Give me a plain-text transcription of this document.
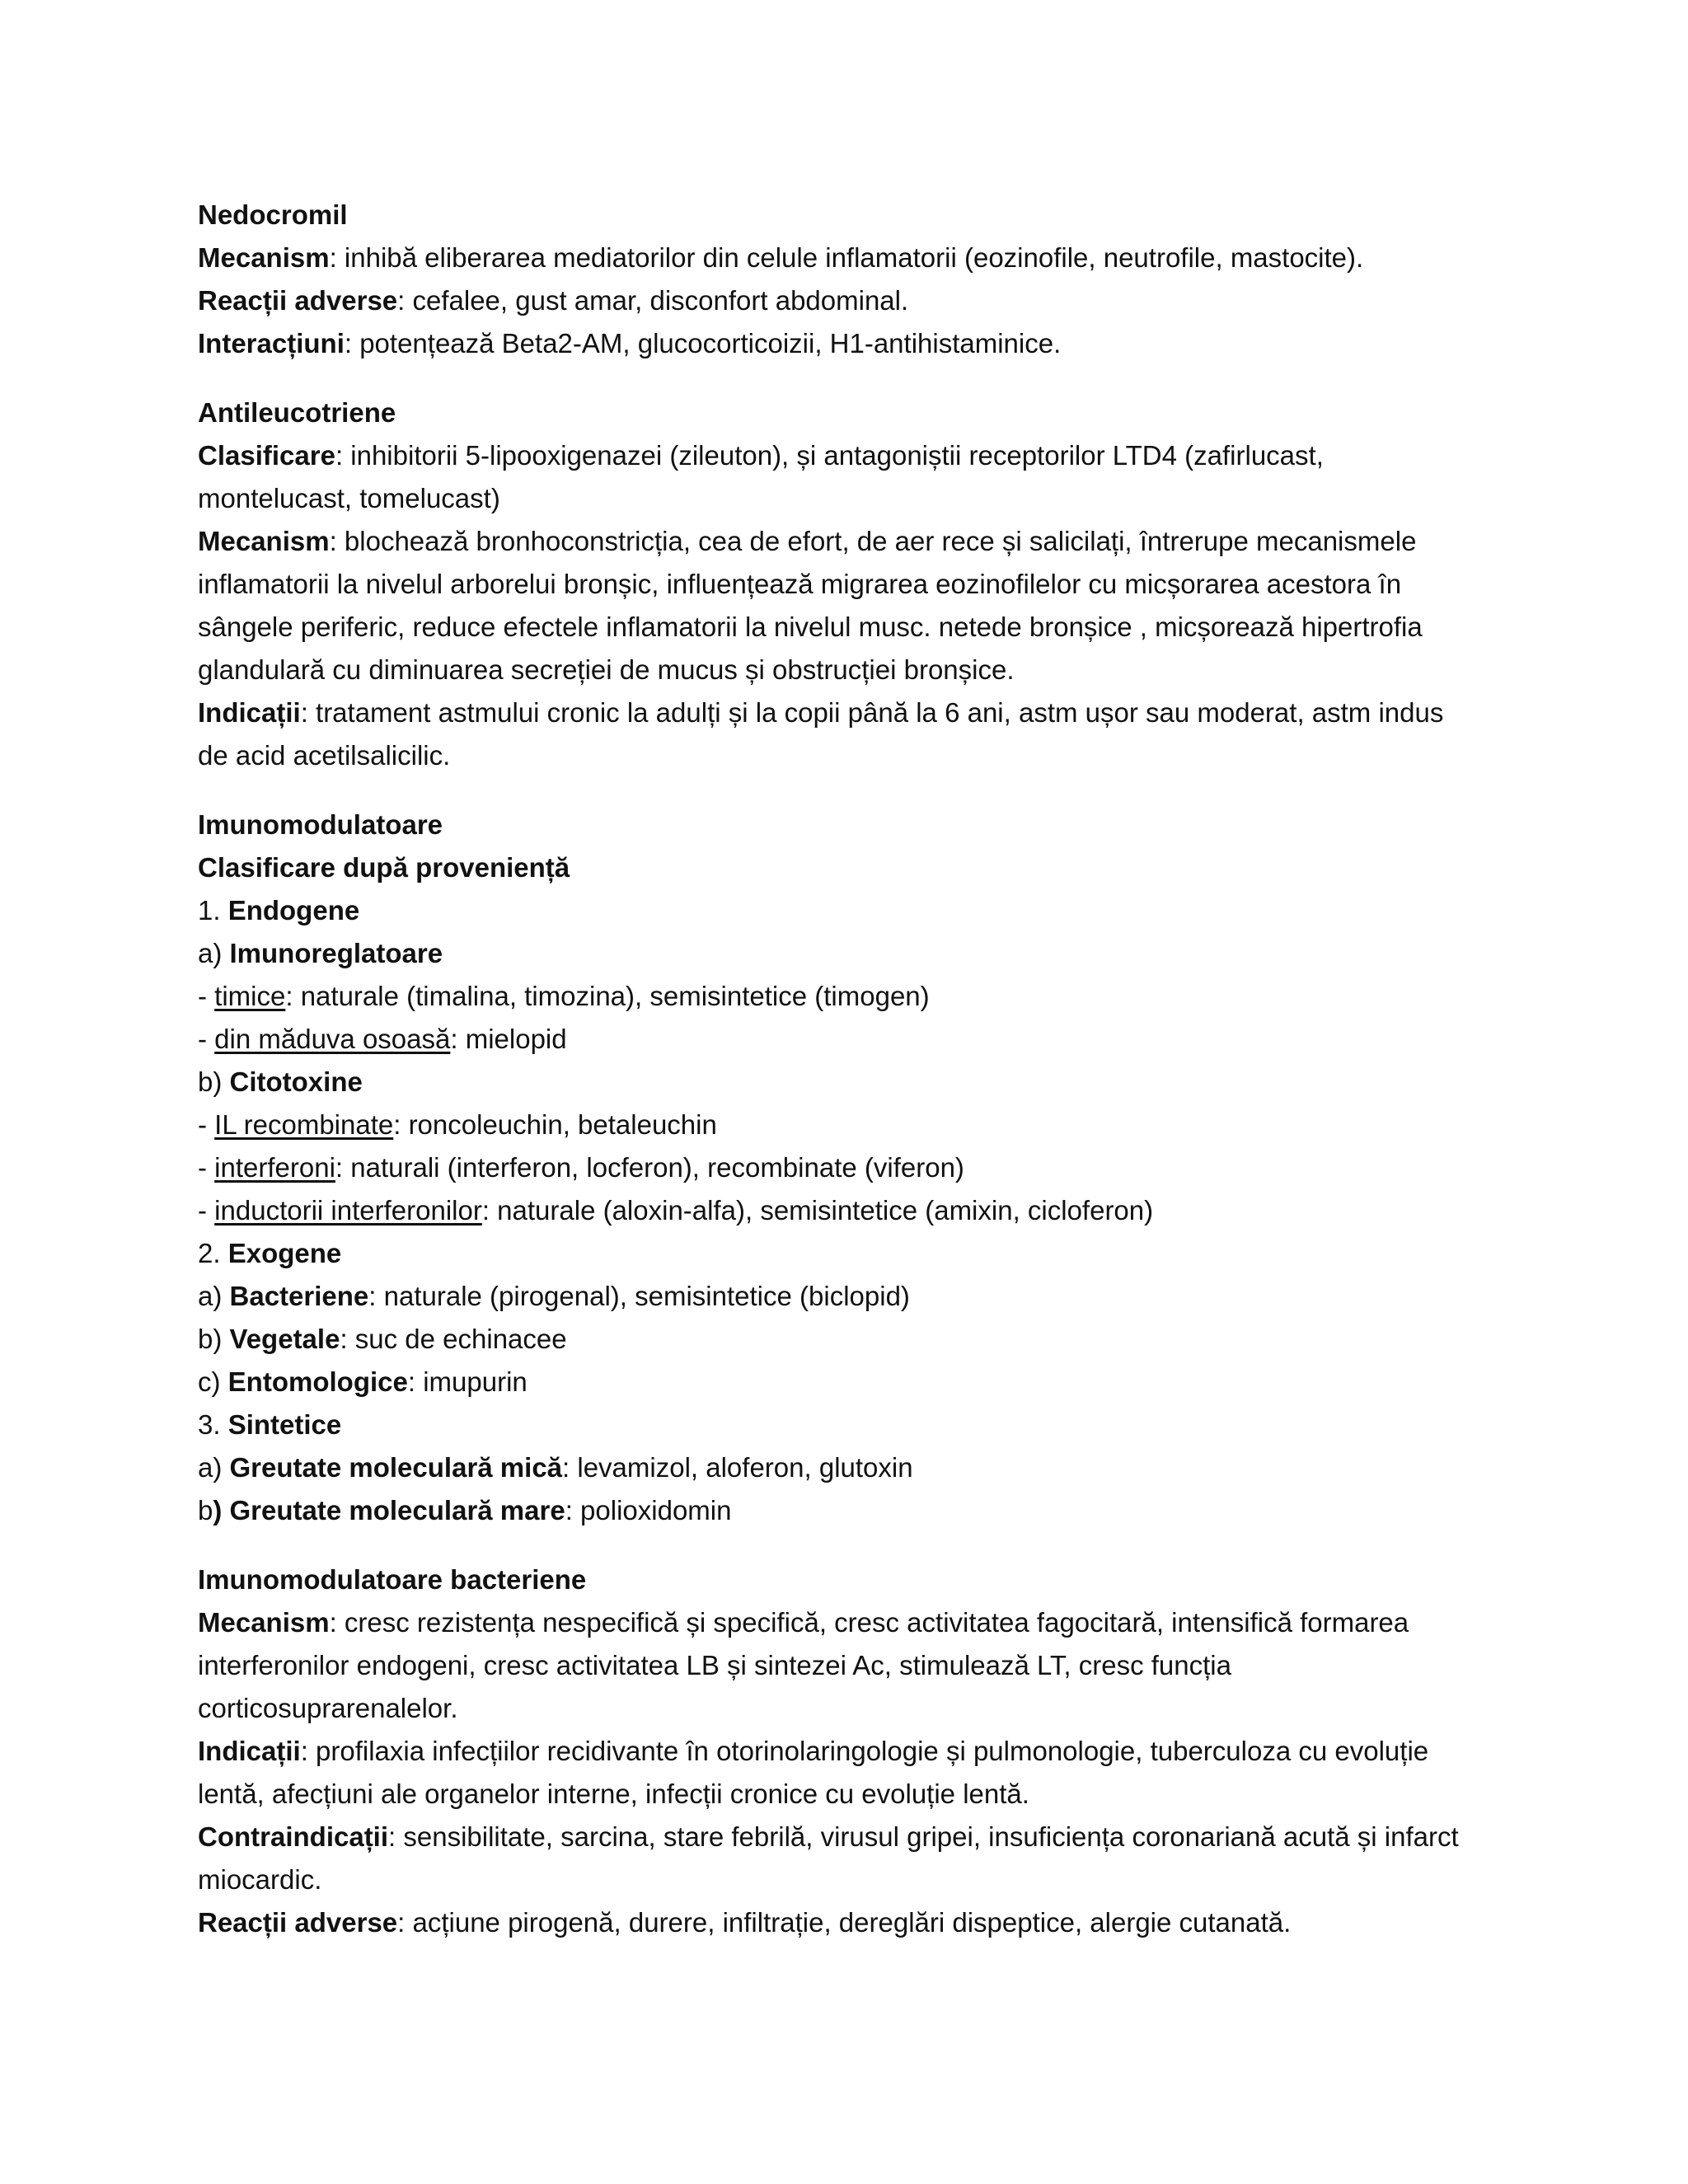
Nedocromil
Mecanism: inhibă eliberarea mediatorilor din celule inflamatorii (eozinofile, neutrofile, mastocite).
Reacții adverse: cefalee, gust amar, disconfort abdominal.
Interacțiuni: potențează Beta2-AM, glucocorticoizii, H1-antihistaminice.
Antileucotriene
Clasificare: inhibitorii 5-lipooxigenazei (zileuton), și antagoniștii receptorilor LTD4 (zafirlucast,
montelucast, tomelucast)
Mecanism: blochează bronhoconstricția, cea de efort, de aer rece și salicilați, întrerupe mecanismele
inflamatorii la nivelul arborelui bronșic, influențează migrarea eozinofilelor cu micșorarea acestora în
sângele periferic, reduce efectele inflamatorii la nivelul musc. netede bronșice , micșorează hipertrofia
glandulară cu diminuarea secreției de mucus și obstrucției bronșice.
Indicații: tratament astmului cronic la adulți și la copii până la 6 ani, astm ușor sau moderat, astm indus
de acid acetilsalicilic.
Imunomodulatoare
Clasificare după proveniență
1. Endogene
a) Imunoreglatoare
- timice: naturale (timalina, timozina), semisintetice (timogen)
- din măduva osoasă: mielopid
b) Citotoxine
- IL recombinate: roncoleuchin, betaleuchin
- interferoni: naturali (interferon, locferon), recombinate (viferon)
- inductorii interferonilor: naturale (aloxin-alfa), semisintetice (amixin, cicloferon)
2. Exogene
a) Bacteriene: naturale (pirogenal), semisintetice (biclopid)
b) Vegetale: suc de echinacee
c) Entomologice: imupurin
3. Sintetice
a) Greutate moleculară mică: levamizol, aloferon, glutoxin
b) Greutate moleculară mare: polioxidomin
Imunomodulatoare bacteriene
Mecanism: cresc rezistența nespecifică și specifică, cresc activitatea fagocitară, intensifică formarea
interferonilor endogeni, cresc activitatea LB și sintezei Ac, stimulează LT, cresc funcția
corticosuprarenalelor.
Indicații: profilaxia infecțiilor recidivante în otorinolaringologie și pulmonologie, tuberculoza cu evoluție
lentă, afecțiuni ale organelor interne, infecții cronice cu evoluție lentă.
Contraindicații: sensibilitate, sarcina, stare febrilă, virusul gripei, insuficiența coronariană acută și infarct
miocardic.
Reacții adverse: acțiune pirogenă, durere, infiltrație, dereglări dispeptice, alergie cutanată.
